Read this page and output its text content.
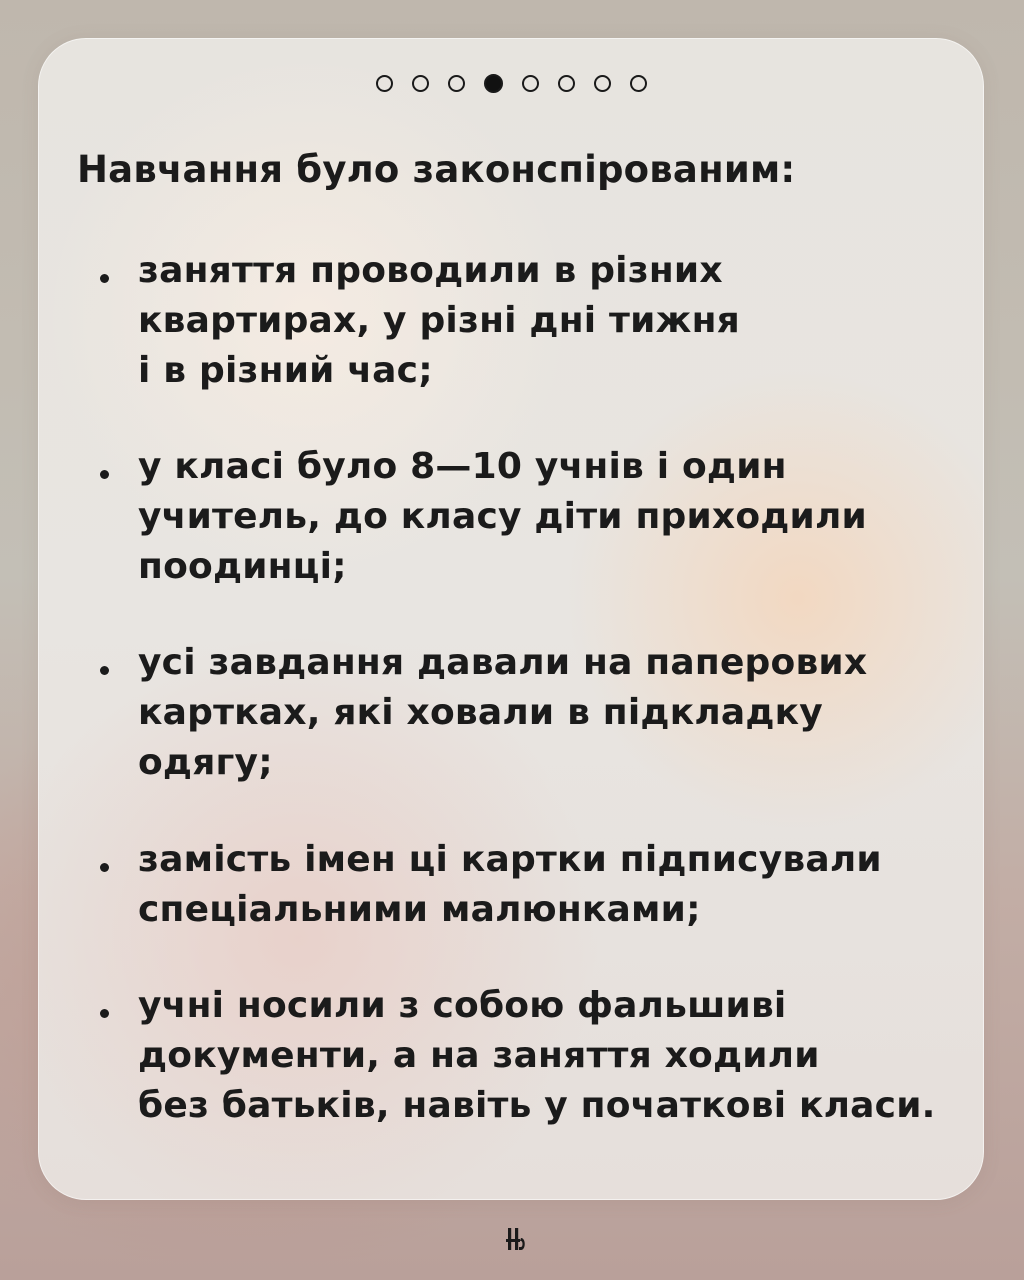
Навчання було законспірованим:
заняття проводили в різних
квартирах, у різні дні тижня
і в різний час;
у класі було 8—10 учнів і один
учитель, до класу діти приходили
поодинці;
усі завдання давали на паперових
картках, які ховали в підкладку
одягу;
замість імен ці картки підписували
спеціальними малюнками;
учні носили з собою фальшиві
документи, а на заняття ходили
без батьків, навіть у початкові класи.
